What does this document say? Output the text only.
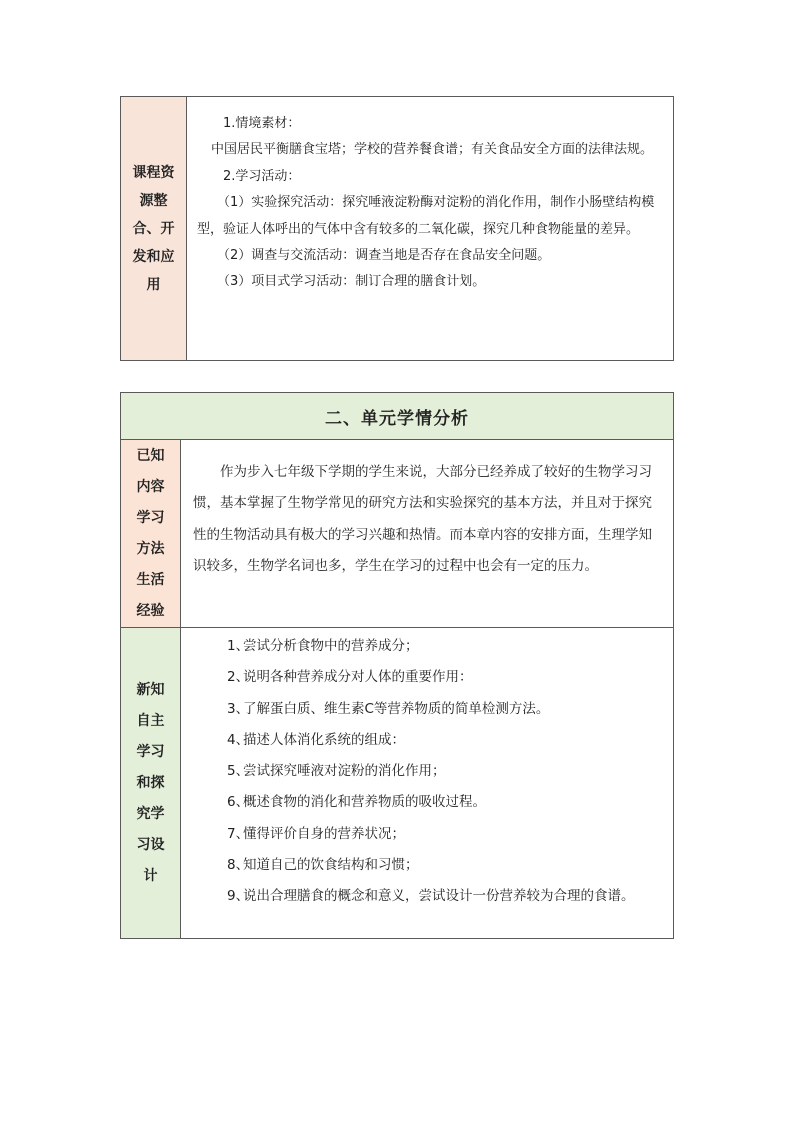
课程资
源整
合、开
发和应
用

1.情境素材：

中国居民平衡膳食宝塔；学校的营养餐食谱；有关食品安全方面的法律法规。

2.学习活动：

（1）实验探究活动：探究唾液淀粉酶对淀粉的消化作用，制作小肠壁结构模型，验证人体呼出的气体中含有较多的二氧化碳，探究几种食物能量的差异。

（2）调查与交流活动：调查当地是否存在食品安全问题。

（3）项目式学习活动：制订合理的膳食计划。

二、单元学情分析
已知
内容
学习
方法
生活
经验
作为步入七年级下学期的学生来说，大部分已经养成了较好的生物学习习惯，基本掌握了生物学常见的研究方法和实验探究的基本方法，并且对于探究性的生物活动具有极大的学习兴趣和热情。而本章内容的安排方面，生理学知识较多，生物学名词也多，学生在学习的过程中也会有一定的压力。
新知
自主
学习
和探
究学
习设
计
1、
尝试分析食物中的营养成分；
2、
说明各种营养成分对人体的重要作用：
3、
了解蛋白质、维生素C等营养物质的简单检测方法。
4、
描述人体消化系统的组成：
5、
尝试探究唾液对淀粉的消化作用；
6、
概述食物的消化和营养物质的吸收过程。
7、
懂得评价自身的营养状况；
8、
知道自己的饮食结构和习惯；
9、
说出合理膳食的概念和意义，尝试设计一份营养较为合理的食谱。
